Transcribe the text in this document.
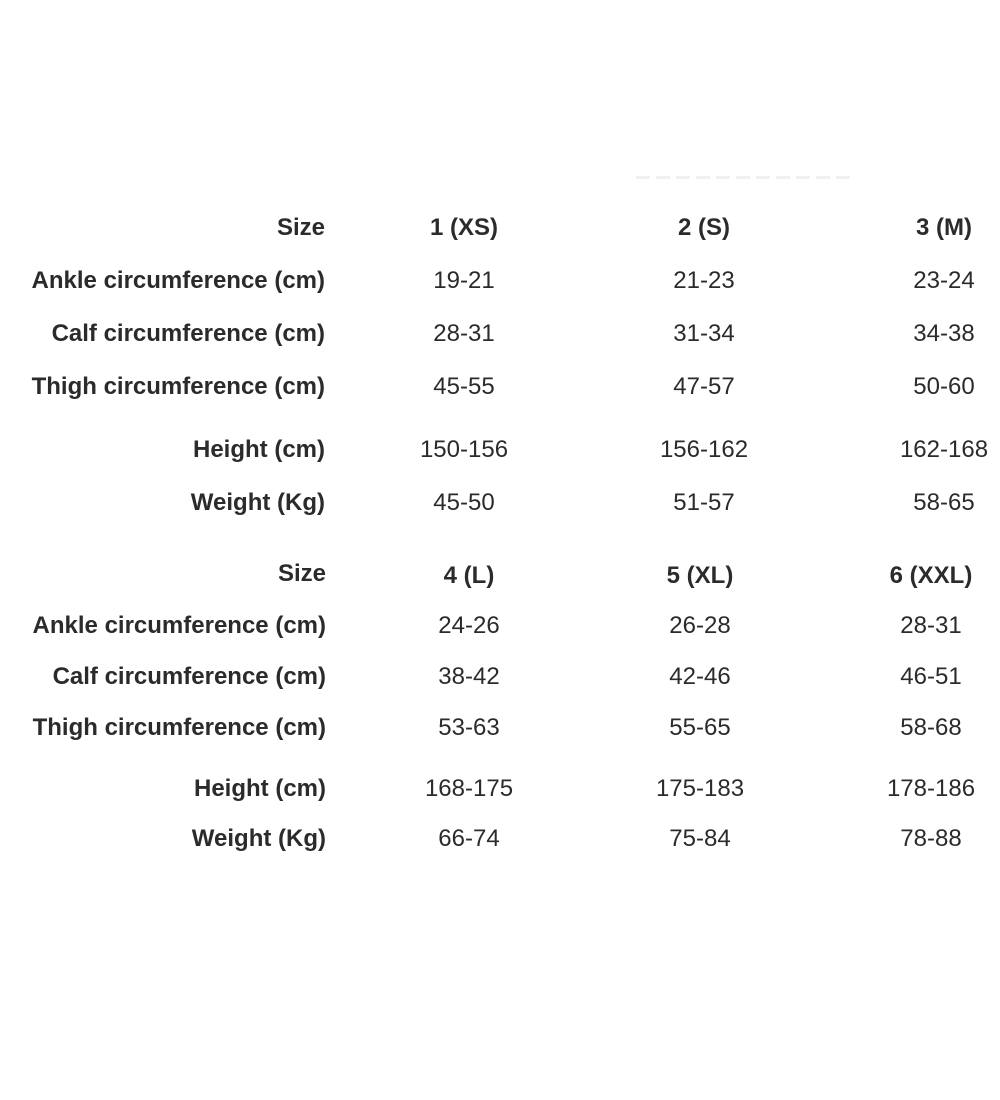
Size	1 (XS)	2 (S)	3 (M)
Ankle circumference (cm)	19-21	21-23	23-24
Calf circumference (cm)	28-31	31-34	34-38
Thigh circumference (cm)	45-55	47-57	50-60
Height (cm)	150-156	156-162	162-168
Weight (Kg)	45-50	51-57	58-65
Size	4 (L)	5 (XL)	6 (XXL)
Ankle circumference (cm)	24-26	26-28	28-31
Calf circumference (cm)	38-42	42-46	46-51
Thigh circumference (cm)	53-63	55-65	58-68
Height (cm)	168-175	175-183	178-186
Weight (Kg)	66-74	75-84	78-88
